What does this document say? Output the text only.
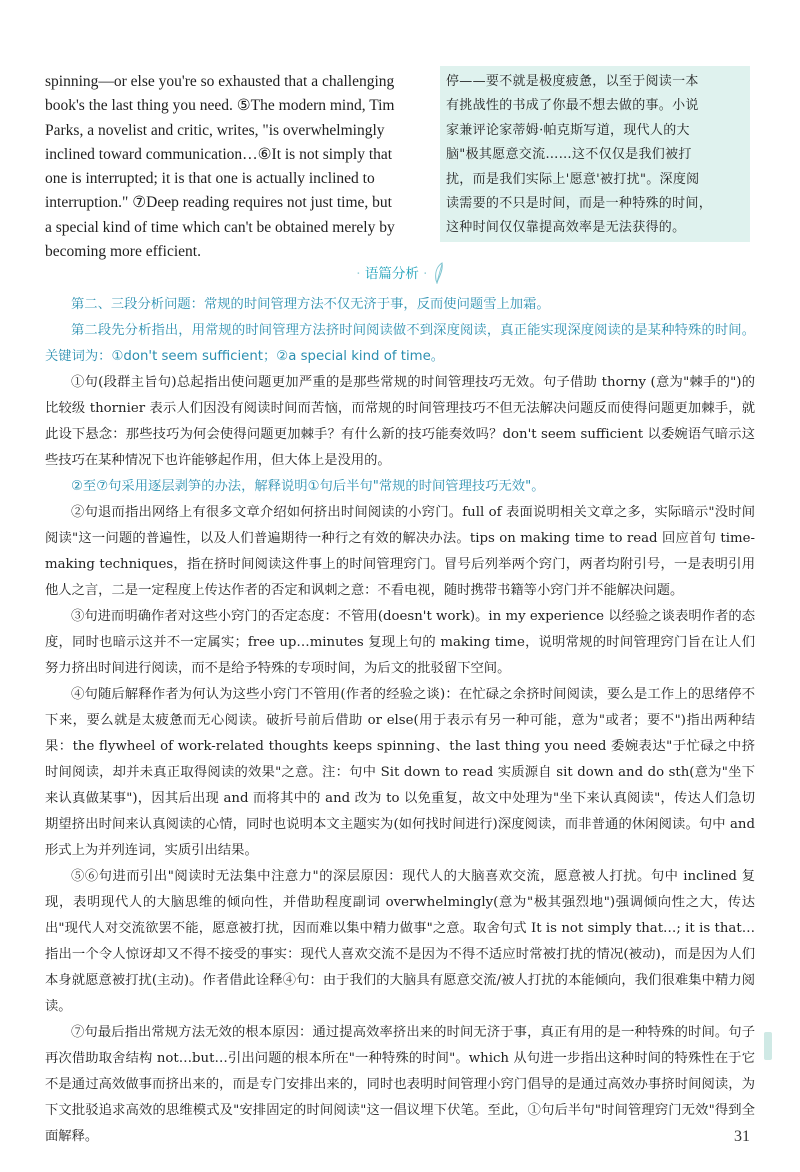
spinning—or else you're so exhausted that a challenging
book's the last thing you need. ⑤The modern mind, Tim
Parks, a novelist and critic, writes, "is overwhelmingly
inclined toward communication…⑥It is not simply that
one is interrupted; it is that one is actually inclined to
interruption." ⑦Deep reading requires not just time, but
a special kind of time which can't be obtained merely by
becoming more efficient.
停——要不就是极度疲惫，以至于阅读一本
有挑战性的书成了你最不想去做的事。小说
家兼评论家蒂姆·帕克斯写道，现代人的大
脑"极其愿意交流……这不仅仅是我们被打
扰，而是我们实际上'愿意'被打扰"。深度阅
读需要的不只是时间，而是一种特殊的时间，
这种时间仅仅靠提高效率是无法获得的。
· 语篇分析 ·

第二、三段分析问题：常规的时间管理方法不仅无济于事，反而使问题雪上加霜。

第二段先分析指出，用常规的时间管理方法挤时间阅读做不到深度阅读，真正能实现深度阅读的是某种特殊的时间。关键词为：①don't seem sufficient；②a special kind of time。

①句(段群主旨句)总起指出使问题更加严重的是那些常规的时间管理技巧无效。句子借助 thorny (意为"棘手的")的比较级 thornier 表示人们因没有阅读时间而苦恼，而常规的时间管理技巧不但无法解决问题反而使得问题更加棘手，就此设下悬念：那些技巧为何会使得问题更加棘手？有什么新的技巧能奏效吗？don't seem sufficient 以委婉语气暗示这些技巧在某种情况下也许能够起作用，但大体上是没用的。

②至⑦句采用逐层剥笋的办法，解释说明①句后半句"常规的时间管理技巧无效"。

②句退而指出网络上有很多文章介绍如何挤出时间阅读的小窍门。full of 表面说明相关文章之多，实际暗示"没时间阅读"这一问题的普遍性，以及人们普遍期待一种行之有效的解决办法。tips on making time to read 回应首句 time-making techniques，指在挤时间阅读这件事上的时间管理窍门。冒号后列举两个窍门，两者均附引号，一是表明引用他人之言，二是一定程度上传达作者的否定和讽刺之意：不看电视，随时携带书籍等小窍门并不能解决问题。

③句进而明确作者对这些小窍门的否定态度：不管用(doesn't work)。in my experience 以经验之谈表明作者的态度，同时也暗示这并不一定属实；free up…minutes 复现上句的 making time，说明常规的时间管理窍门旨在让人们努力挤出时间进行阅读，而不是给予特殊的专项时间，为后文的批驳留下空间。

④句随后解释作者为何认为这些小窍门不管用(作者的经验之谈)：在忙碌之余挤时间阅读，要么是工作上的思绪停不下来，要么就是太疲惫而无心阅读。破折号前后借助 or else(用于表示有另一种可能，意为"或者；要不")指出两种结果：the flywheel of work-related thoughts keeps spinning、the last thing you need 委婉表达"于忙碌之中挤时间阅读，却并未真正取得阅读的效果"之意。注：句中 Sit down to read 实质源自 sit down and do sth(意为"坐下来认真做某事")，因其后出现 and 而将其中的 and 改为 to 以免重复，故文中处理为"坐下来认真阅读"，传达人们急切期望挤出时间来认真阅读的心情，同时也说明本文主题实为(如何找时间进行)深度阅读，而非普通的休闲阅读。句中 and 形式上为并列连词，实质引出结果。

⑤⑥句进而引出"阅读时无法集中注意力"的深层原因：现代人的大脑喜欢交流，愿意被人打扰。句中 inclined 复现，表明现代人的大脑思维的倾向性，并借助程度副词 overwhelmingly(意为"极其强烈地")强调倾向性之大，传达出"现代人对交流欲罢不能，愿意被打扰，因而难以集中精力做事"之意。取舍句式 It is not simply that…; it is that…指出一个令人惊讶却又不得不接受的事实：现代人喜欢交流不是因为不得不适应时常被打扰的情况(被动)，而是因为人们本身就愿意被打扰(主动)。作者借此诠释④句：由于我们的大脑具有愿意交流/被人打扰的本能倾向，我们很难集中精力阅读。

⑦句最后指出常规方法无效的根本原因：通过提高效率挤出来的时间无济于事，真正有用的是一种特殊的时间。句子再次借助取舍结构 not…but…引出问题的根本所在"一种特殊的时间"。which 从句进一步指出这种时间的特殊性在于它不是通过高效做事而挤出来的，而是专门安排出来的，同时也表明时间管理小窍门倡导的是通过高效办事挤时间阅读，为下文批驳追求高效的思维模式及"安排固定的时间阅读"这一倡议埋下伏笔。至此，①句后半句"时间管理窍门无效"得到全面解释。	31
